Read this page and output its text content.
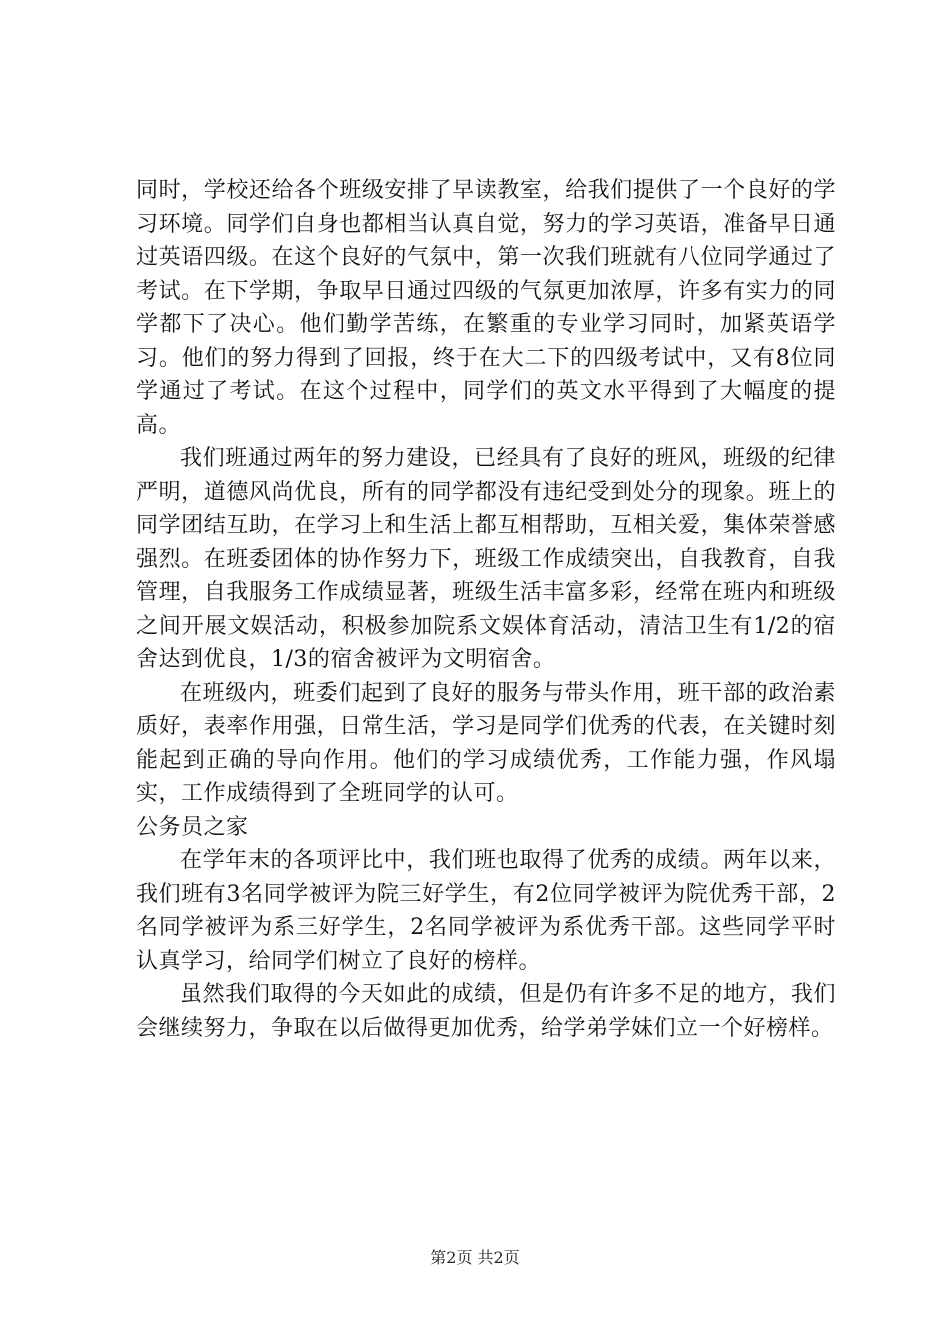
同时，学校还给各个班级安排了早读教室，给我们提供了一个良好的学习环境。同学们自身也都相当认真自觉，努力的学习英语，准备早日通过英语四级。在这个良好的气氛中，第一次我们班就有八位同学通过了考试。在下学期，争取早日通过四级的气氛更加浓厚，许多有实力的同学都下了决心。他们勤学苦练，在繁重的专业学习同时，加紧英语学习。他们的努力得到了回报，终于在大二下的四级考试中，又有8位同学通过了考试。在这个过程中，同学们的英文水平得到了大幅度的提高。

我们班通过两年的努力建设，已经具有了良好的班风，班级的纪律严明，道德风尚优良，所有的同学都没有违纪受到处分的现象。班上的同学团结互助，在学习上和生活上都互相帮助，互相关爱，集体荣誉感强烈。在班委团体的协作努力下，班级工作成绩突出，自我教育，自我管理，自我服务工作成绩显著，班级生活丰富多彩，经常在班内和班级之间开展文娱活动，积极参加院系文娱体育活动，清洁卫生有1/2的宿舍达到优良，1/3的宿舍被评为文明宿舍。

在班级内，班委们起到了良好的服务与带头作用，班干部的政治素质好，表率作用强，日常生活，学习是同学们优秀的代表，在关键时刻能起到正确的导向作用。他们的学习成绩优秀，工作能力强，作风塌实，工作成绩得到了全班同学的认可。

公务员之家

在学年末的各项评比中，我们班也取得了优秀的成绩。两年以来，我们班有3名同学被评为院三好学生，有2位同学被评为院优秀干部，2名同学被评为系三好学生，2名同学被评为系优秀干部。这些同学平时认真学习，给同学们树立了良好的榜样。

虽然我们取得的今天如此的成绩，但是仍有许多不足的地方，我们会继续努力，争取在以后做得更加优秀，给学弟学妹们立一个好榜样。

第2页 共2页
